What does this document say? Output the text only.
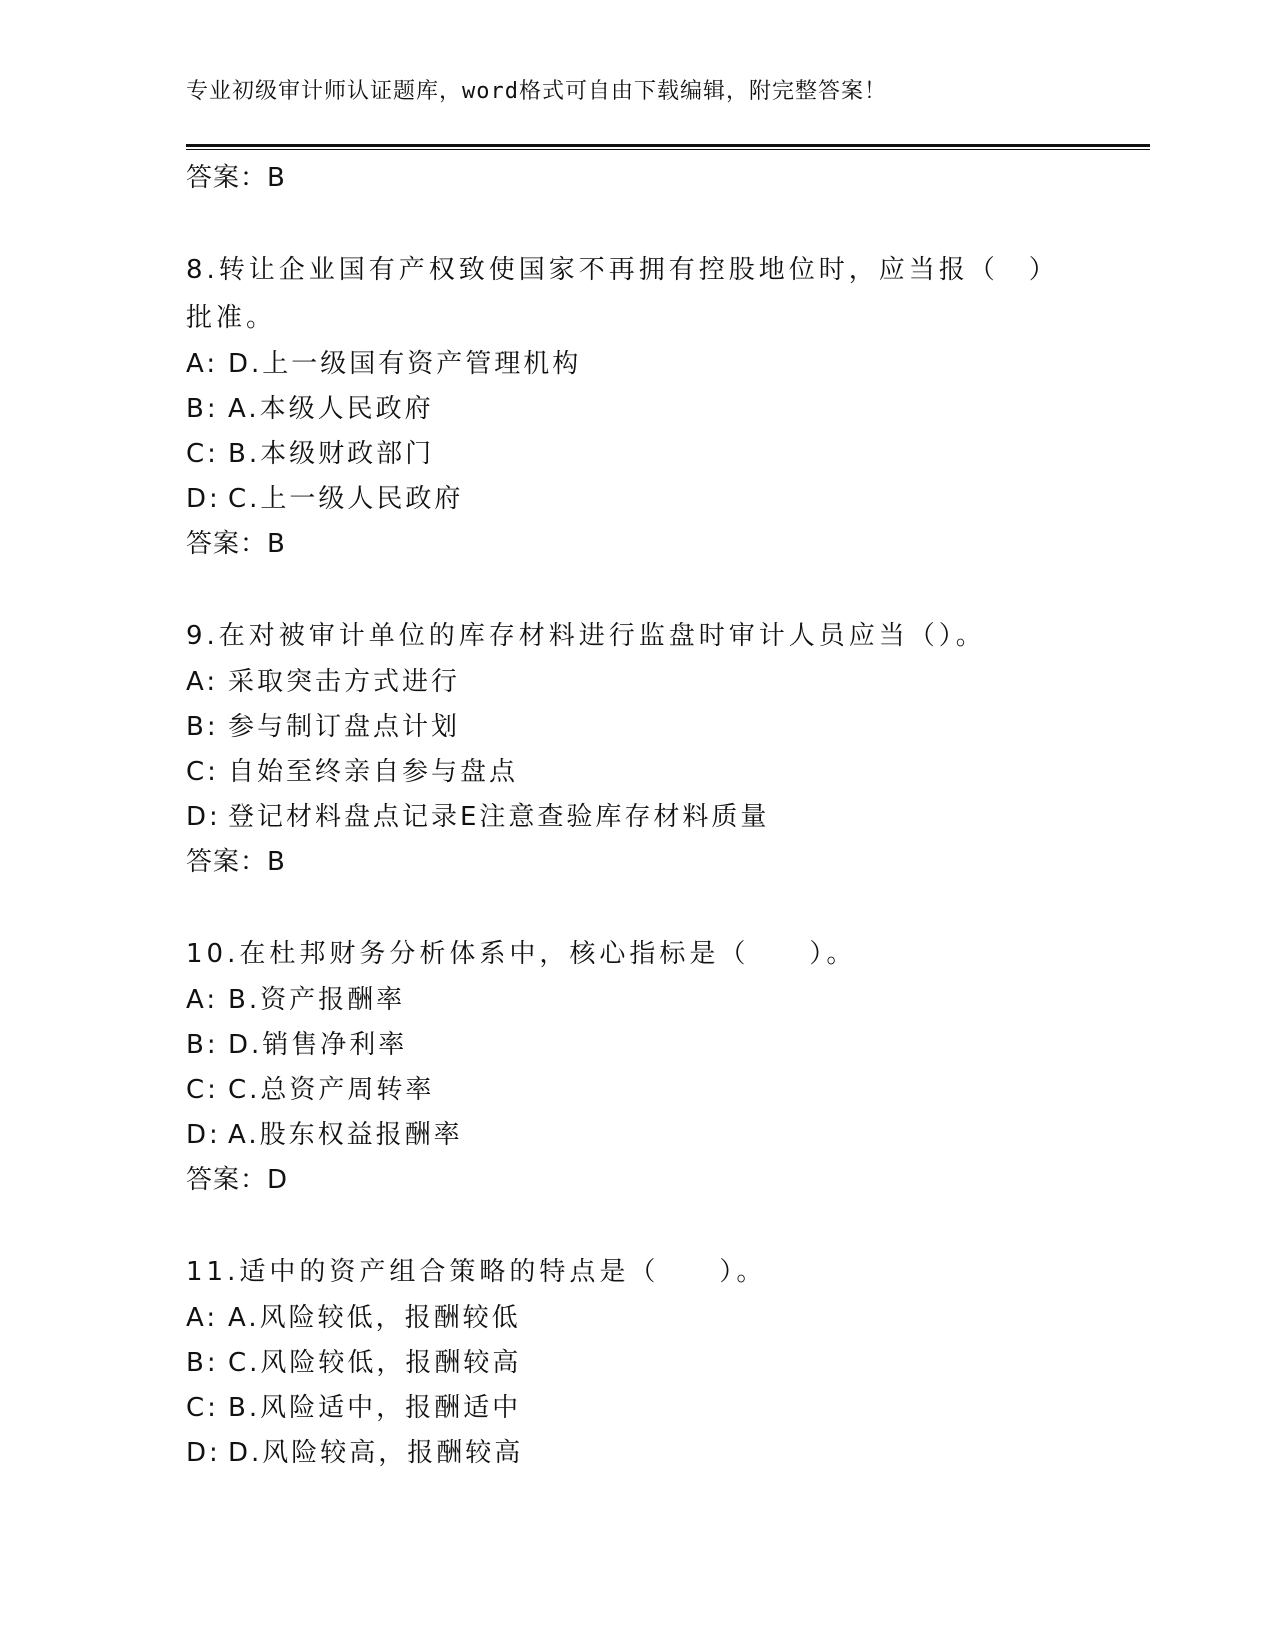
专业初级审计师认证题库，word格式可自由下载编辑，附完整答案！
答案：B
8.转让企业国有产权致使国家不再拥有控股地位时，应当报（　）批准。
A: D.上一级国有资产管理机构
B: A.本级人民政府
C: B.本级财政部门
D: C.上一级人民政府
答案：B
9.在对被审计单位的库存材料进行监盘时审计人员应当（）。
A: 采取突击方式进行
B: 参与制订盘点计划
C: 自始至终亲自参与盘点
D: 登记材料盘点记录E注意查验库存材料质量
答案：B
10.在杜邦财务分析体系中，核心指标是（　　）。
A: B.资产报酬率
B: D.销售净利率
C: C.总资产周转率
D: A.股东权益报酬率
答案：D
11.适中的资产组合策略的特点是（　　）。
A: A.风险较低，报酬较低
B: C.风险较低，报酬较高
C: B.风险适中，报酬适中
D: D.风险较高，报酬较高
